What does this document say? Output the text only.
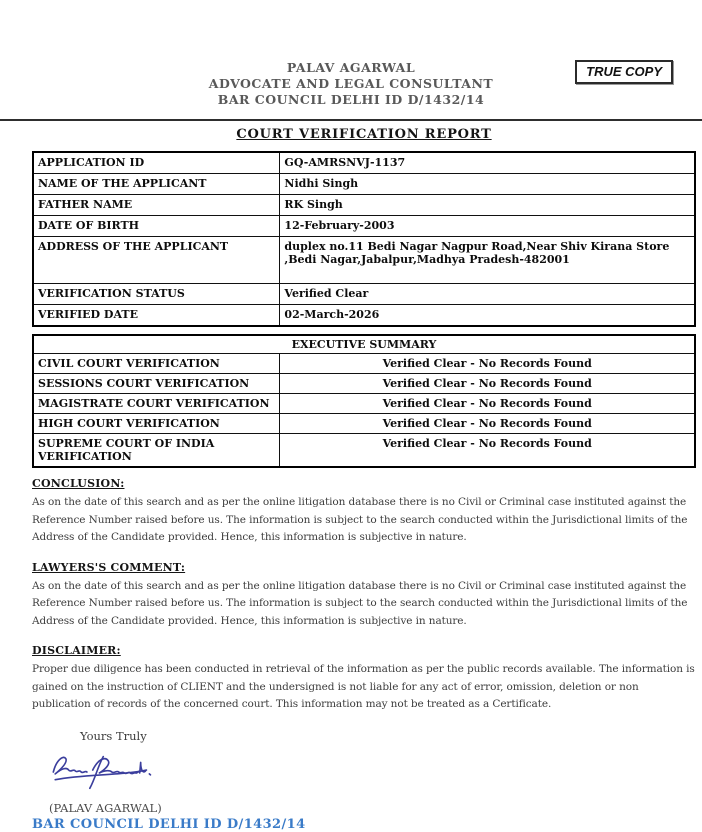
PALAV AGARWAL
ADVOCATE AND LEGAL CONSULTANT
BAR COUNCIL DELHI ID D/1432/14
TRUE COPY
COURT VERIFICATION REPORT
APPLICATION ID	GQ-AMRSNVJ-1137
NAME OF THE APPLICANT	Nidhi Singh
FATHER NAME	RK Singh
DATE OF BIRTH	12-February-2003
ADDRESS OF THE APPLICANT	duplex no.11 Bedi Nagar Nagpur Road,Near Shiv Kirana Store ,Bedi Nagar,Jabalpur,Madhya Pradesh-482001
VERIFICATION STATUS	Verified Clear
VERIFIED DATE	02-March-2026
EXECUTIVE SUMMARY	
CIVIL COURT VERIFICATION	Verified Clear - No Records Found
SESSIONS COURT VERIFICATION	Verified Clear - No Records Found
MAGISTRATE COURT VERIFICATION	Verified Clear - No Records Found
HIGH COURT VERIFICATION	Verified Clear - No Records Found
SUPREME COURT OF INDIA VERIFICATION	Verified Clear - No Records Found
CONCLUSION:
As on the date of this search and as per the online litigation database there is no Civil or Criminal case instituted against the Reference Number raised before us. The information is subject to the search conducted within the Jurisdictional limits of the Address of the Candidate provided. Hence, this information is subjective in nature.
LAWYERS'S COMMENT:
As on the date of this search and as per the online litigation database there is no Civil or Criminal case instituted against the Reference Number raised before us. The information is subject to the search conducted within the Jurisdictional limits of the Address of the Candidate provided. Hence, this information is subjective in nature.
DISCLAIMER:
Proper due diligence has been conducted in retrieval of the information as per the public records available. The information is gained on the instruction of CLIENT and the undersigned is not liable for any act of error, omission, deletion or non publication of records of the concerned court. This information may not be treated as a Certificate.
Yours Truly
(PALAV AGARWAL)
BAR COUNCIL DELHI ID D/1432/14
